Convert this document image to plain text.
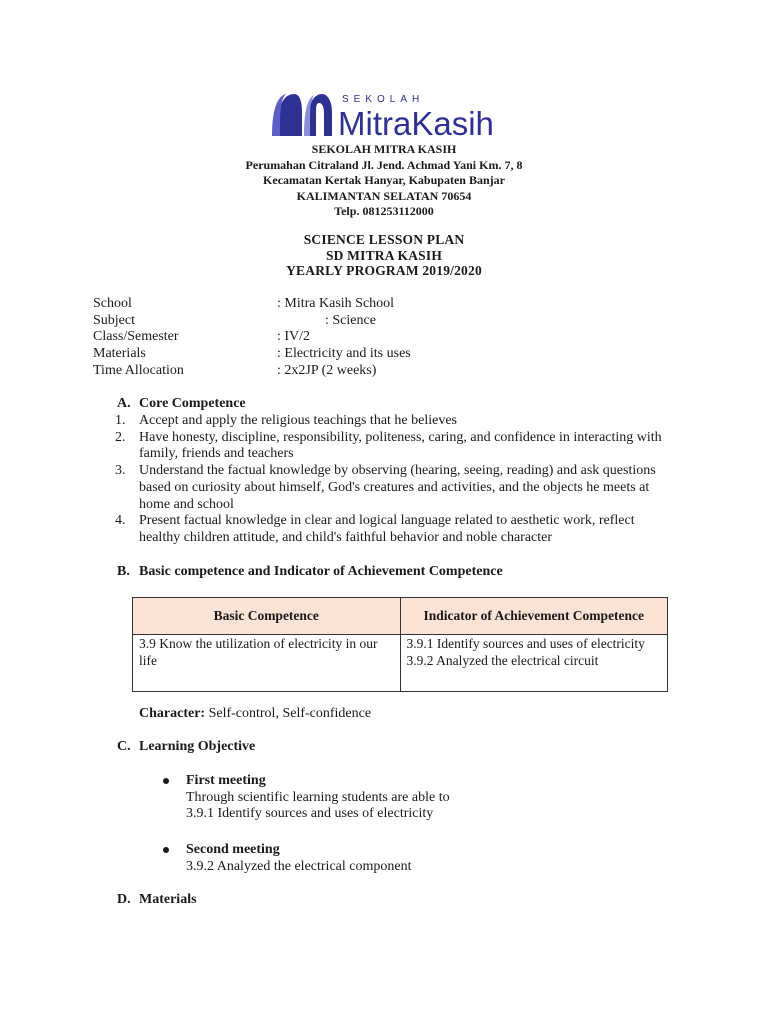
SEKOLAH
MitraKasih
SEKOLAH MITRA KASIH
Perumahan Citraland Jl. Jend. Achmad Yani Km. 7, 8
Kecamatan Kertak Hanyar, Kabupaten Banjar
KALIMANTAN SELATAN 70654
Telp. 081253112000
SCIENCE LESSON PLAN
SD MITRA KASIH
YEARLY PROGRAM 2019/2020
School	: Mitra Kasih School
Subject	: Science
Class/Semester	: IV/2
Materials	: Electricity and its uses
Time Allocation	: 2x2JP (2 weeks)
A. Core Competence
1. Accept and apply the religious teachings that he believes
2. Have honesty, discipline, responsibility, politeness, caring, and confidence in interacting with family, friends and teachers
3. Understand the factual knowledge by observing (hearing, seeing, reading) and ask questions based on curiosity about himself, God's creatures and activities, and the objects he meets at home and school
4. Present factual knowledge in clear and logical language related to aesthetic work, reflect healthy children attitude, and child's faithful behavior and noble character
B. Basic competence and Indicator of Achievement Competence
Basic Competence	Indicator of Achievement Competence
3.9 Know the utilization of electricity in our life	3.9.1 Identify sources and uses of electricity
3.9.2 Analyzed the electrical circuit
Character: Self-control, Self-confidence
C. Learning Objective
First meeting
Through scientific learning students are able to
3.9.1 Identify sources and uses of electricity
Second meeting
3.9.2 Analyzed the electrical component
D. Materials
